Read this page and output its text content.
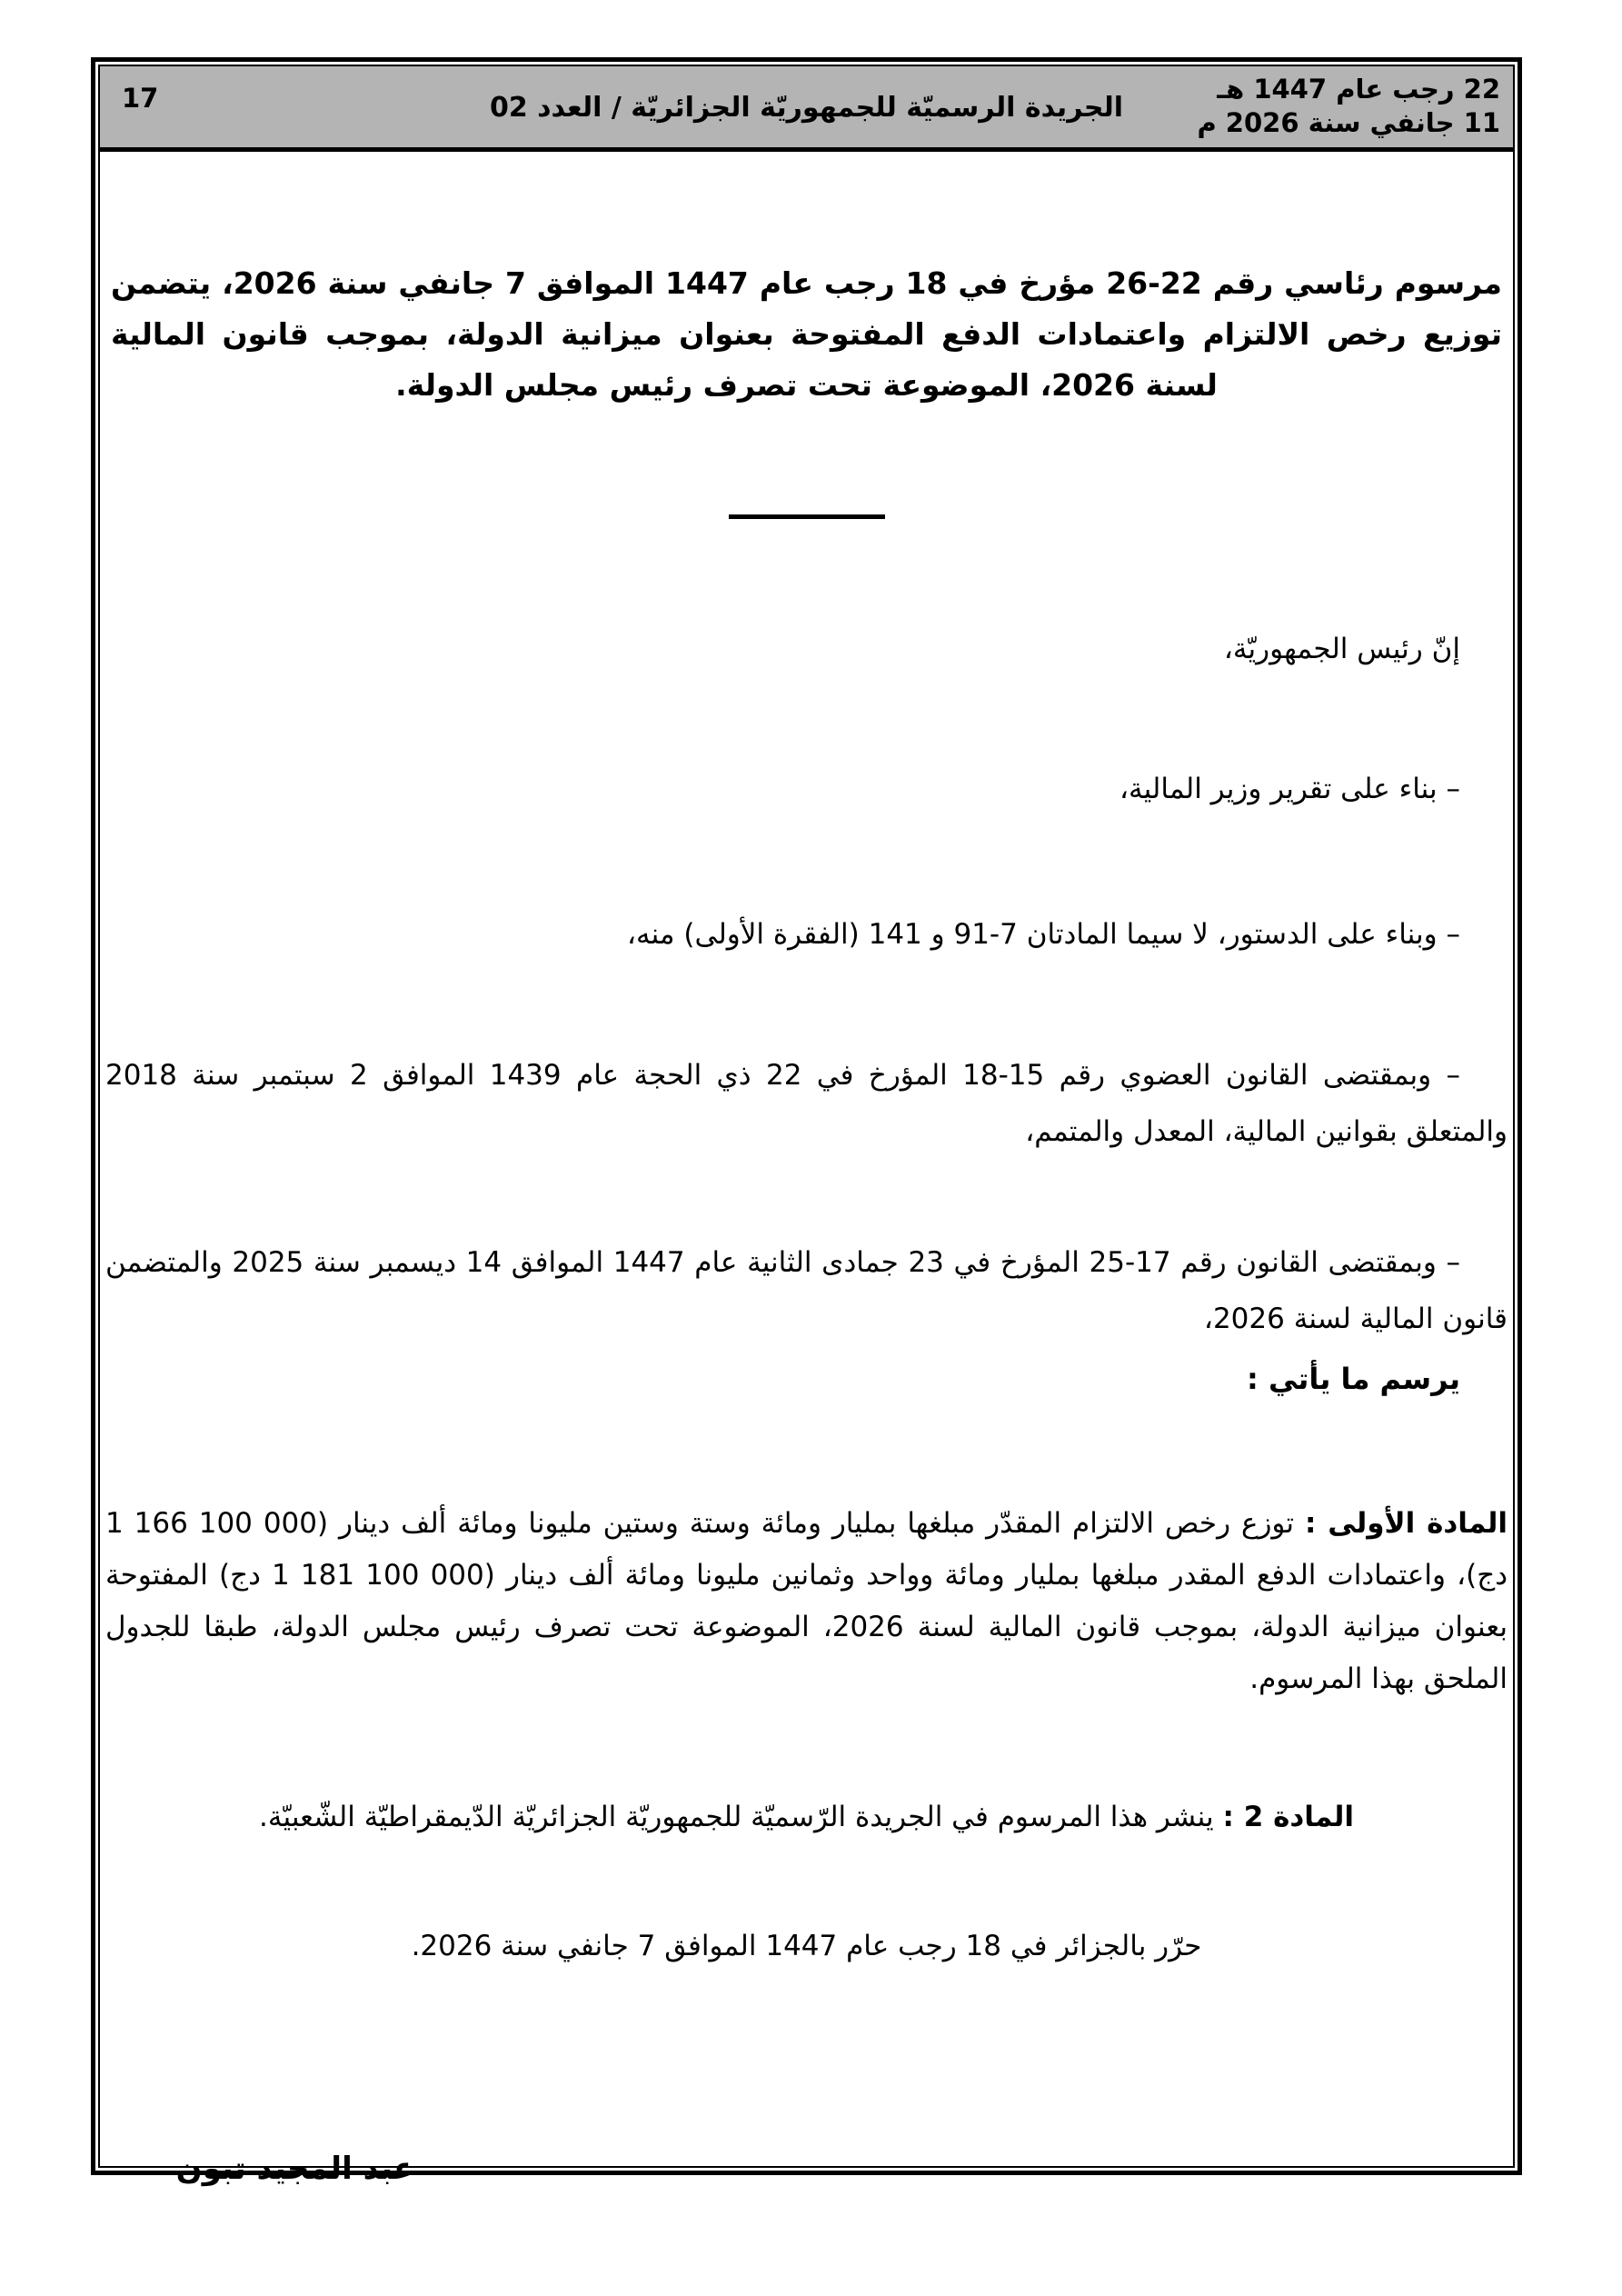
17	الجريدة الرسميّة للجمهوريّة الجزائريّة / العدد 02
22 رجب عام 1447 هـ
11 جانفي سنة 2026 م
مرسوم رئاسي رقم 22-26 مؤرخ في 18 رجب عام 1447 الموافق 7 جانفي سنة 2026، يتضمن توزيع رخص الالتزام واعتمادات الدفع المفتوحة بعنوان ميزانية الدولة، بموجب قانون المالية لسنة 2026، الموضوعة تحت تصرف رئيس مجلس الدولة.
إنّ رئيس الجمهوريّة،
– بناء على تقرير وزير المالية،
– وبناء على الدستور، لا سيما المادتان 7-91 و 141 (الفقرة الأولى) منه،
– وبمقتضى القانون العضوي رقم 15-18 المؤرخ في 22 ذي الحجة عام 1439 الموافق 2 سبتمبر سنة 2018 والمتعلق بقوانين المالية، المعدل والمتمم،
– وبمقتضى القانون رقم 17-25 المؤرخ في 23 جمادى الثانية عام 1447 الموافق 14 ديسمبر سنة 2025 والمتضمن قانون المالية لسنة 2026،
يرسم ما يأتي :
المادة الأولى : توزع رخص الالتزام المقدّر مبلغها بمليار ومائة وستة وستين مليونا ومائة ألف دينار (1 166 100 000 دج)، واعتمادات الدفع المقدر مبلغها بمليار ومائة وواحد وثمانين مليونا ومائة ألف دينار (1 181 100 000 دج) المفتوحة بعنوان ميزانية الدولة، بموجب قانون المالية لسنة 2026، الموضوعة تحت تصرف رئيس مجلس الدولة، طبقا للجدول الملحق بهذا المرسوم.
المادة 2 : ينشر هذا المرسوم في الجريدة الرّسميّة للجمهوريّة الجزائريّة الدّيمقراطيّة الشّعبيّة.
حرّر بالجزائر في 18 رجب عام 1447 الموافق 7 جانفي سنة 2026.
عبد المجيد تبون
